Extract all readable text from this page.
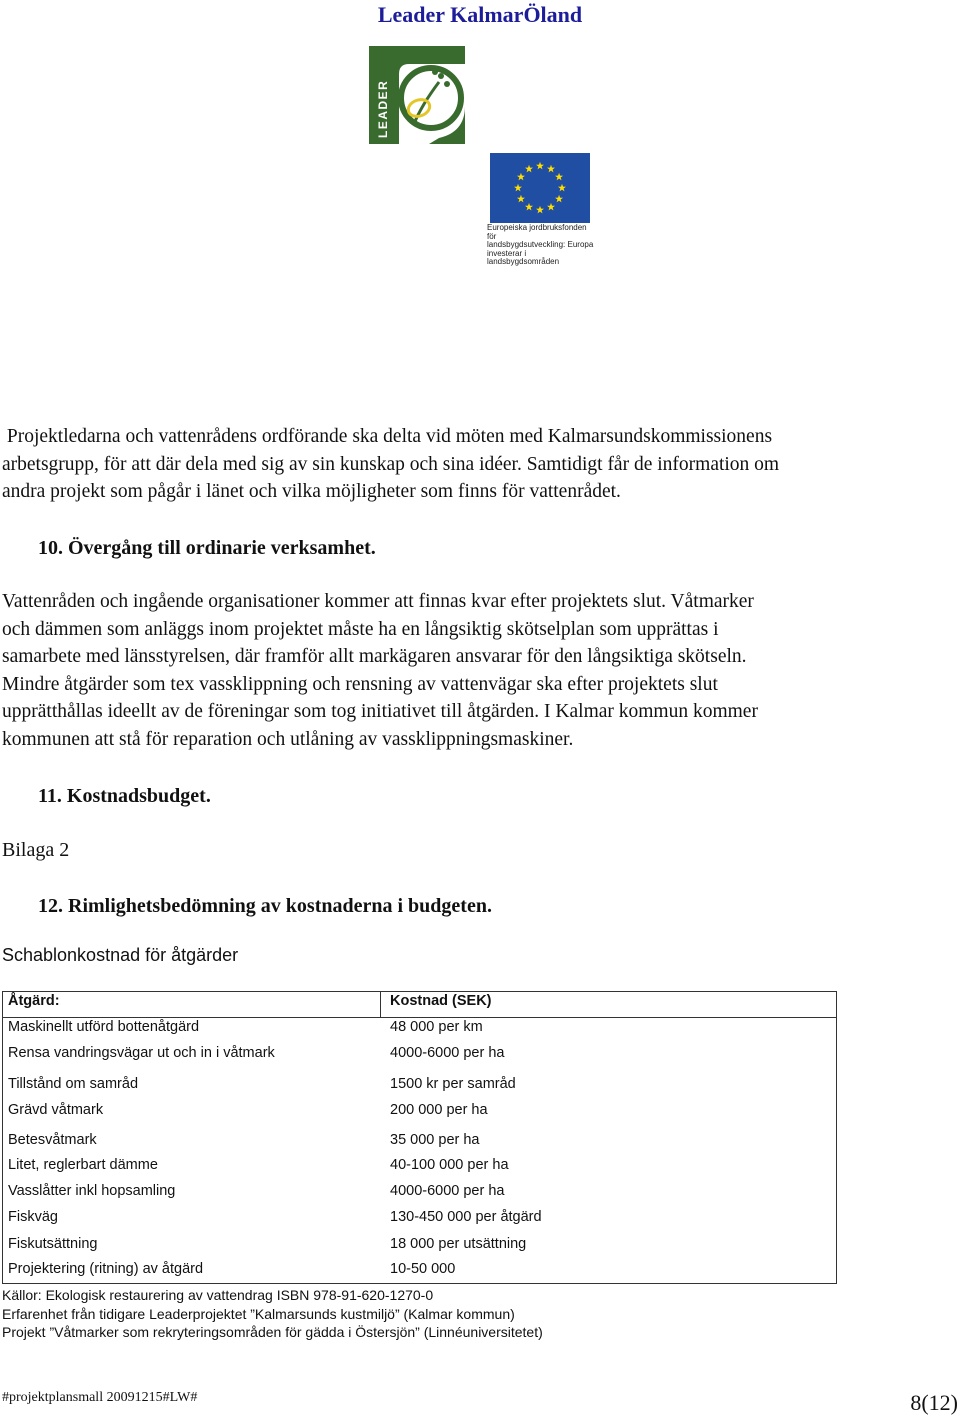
Leader KalmarÖland
LEADER
Europeiska jordbruksfonden för
landsbygdsutveckling: Europa
investerar i landsbygdsområden
Projektledarna och vattenrådens ordförande ska delta vid möten med Kalmarsundskommissionens
arbetsgrupp, för att där dela med sig av sin kunskap och sina idéer. Samtidigt får de information om
andra projekt som pågår i länet och vilka möjligheter som finns för vattenrådet.
10. Övergång till ordinarie verksamhet.
Vattenråden och ingående organisationer kommer att finnas kvar efter projektets slut. Våtmarker
och dämmen som anläggs inom projektet måste ha en långsiktig skötselplan som upprättas i
samarbete med länsstyrelsen, där framför allt markägaren ansvarar för den långsiktiga skötseln.
Mindre åtgärder som tex vassklippning och rensning av vattenvägar ska efter projektets slut
upprätthållas ideellt av de föreningar som tog initiativet till åtgärden. I Kalmar kommun kommer
kommunen att stå för reparation och utlåning av vassklippningsmaskiner.
11. Kostnadsbudget.
Bilaga 2
12. Rimlighetsbedömning av kostnaderna i budgeten.
Schablonkostnad för åtgärder
Åtgärd:	Kostnad (SEK)
Maskinellt utförd bottenåtgärd	48 000 per km
Rensa vandringsvägar ut och in i våtmark	4000-6000 per ha
Tillstånd om samråd	1500 kr per samråd
Grävd våtmark	200 000 per ha
Betesvåtmark	35 000 per ha
Litet, reglerbart dämme	40-100 000 per ha
Vasslåtter inkl hopsamling	4000-6000 per ha
Fiskväg	130-450 000 per åtgärd
Fiskutsättning	18 000 per utsättning
Projektering (ritning) av åtgärd	10-50 000
Källor: Ekologisk restaurering av vattendrag ISBN 978-91-620-1270-0
Erfarenhet från tidigare Leaderprojektet ”Kalmarsunds kustmiljö” (Kalmar kommun)
Projekt ”Våtmarker som rekryteringsområden för gädda i Östersjön” (Linnéuniversitetet)
#projektplansmall 20091215#LW#	8(12)
